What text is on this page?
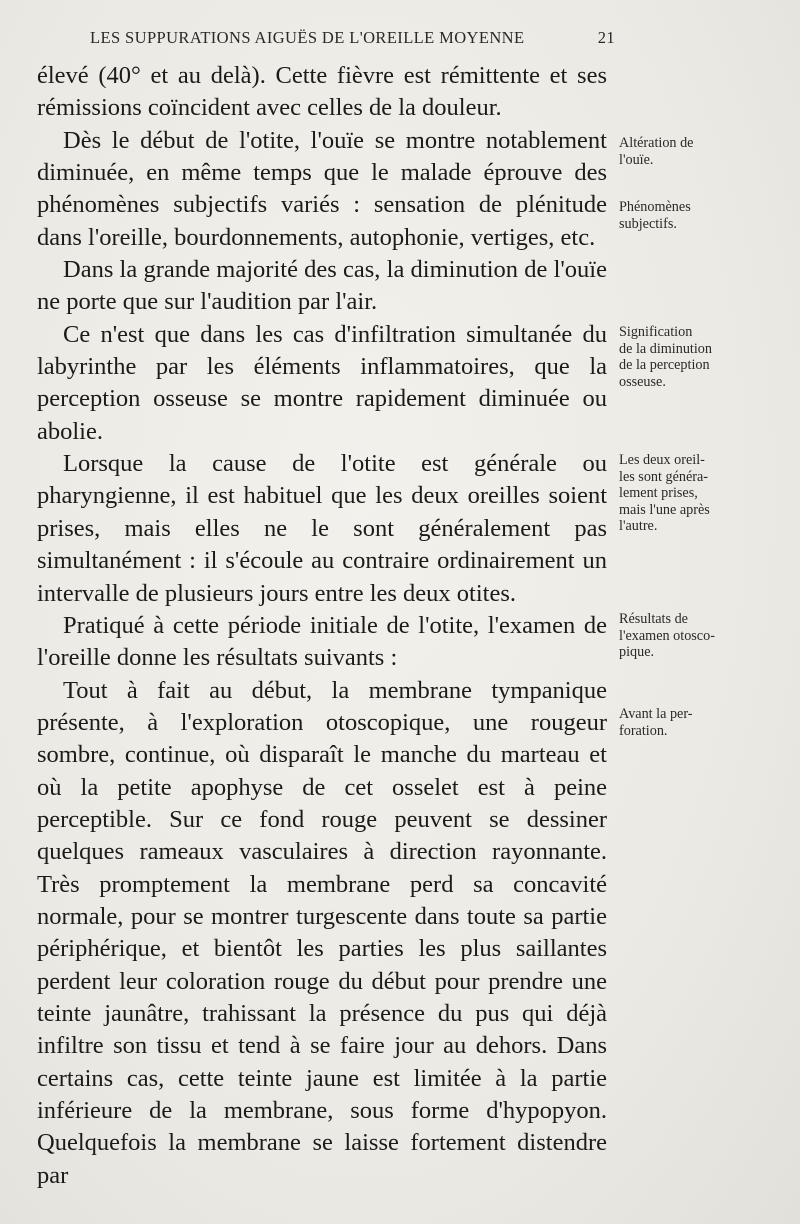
LES SUPPURATIONS AIGUËS DE L'OREILLE MOYENNE	21

élevé (40° et au delà). Cette fièvre est rémittente et ses rémissions coïncident avec celles de la douleur.

Dès le début de l'otite, l'ouïe se montre notablement diminuée, en même temps que le malade éprouve des phénomènes subjectifs variés : sensation de plénitude dans l'oreille, bourdonnements, autophonie, vertiges, etc.

Dans la grande majorité des cas, la diminution de l'ouïe ne porte que sur l'audition par l'air.

Ce n'est que dans les cas d'infiltration simultanée du labyrinthe par les éléments inflammatoires, que la perception osseuse se montre rapidement diminuée ou abolie.

Lorsque la cause de l'otite est générale ou pharyngienne, il est habituel que les deux oreilles soient prises, mais elles ne le sont généralement pas simultanément : il s'écoule au contraire ordinairement un intervalle de plusieurs jours entre les deux otites.

Pratiqué à cette période initiale de l'otite, l'examen de l'oreille donne les résultats suivants :

Tout à fait au début, la membrane tympanique présente, à l'exploration otoscopique, une rougeur sombre, continue, où disparaît le manche du marteau et où la petite apophyse de cet osselet est à peine perceptible. Sur ce fond rouge peuvent se dessiner quelques rameaux vasculaires à direction rayonnante. Très promptement la membrane perd sa concavité normale, pour se montrer turgescente dans toute sa partie périphérique, et bientôt les parties les plus saillantes perdent leur coloration rouge du début pour prendre une teinte jaunâtre, trahissant la présence du pus qui déjà infiltre son tissu et tend à se faire jour au dehors. Dans certains cas, cette teinte jaune est limitée à la partie inférieure de la membrane, sous forme d'hypopyon. Quelquefois la membrane se laisse fortement distendre par

Altération de
l'ouïe.
Phénomènes
subjectifs.
Signification
de la diminution
de la perception
osseuse.
Les deux oreil-
les sont généra-
lement prises,
mais l'une après
l'autre.
Résultats de
l'examen otosco-
pique.
Avant la per-
foration.
